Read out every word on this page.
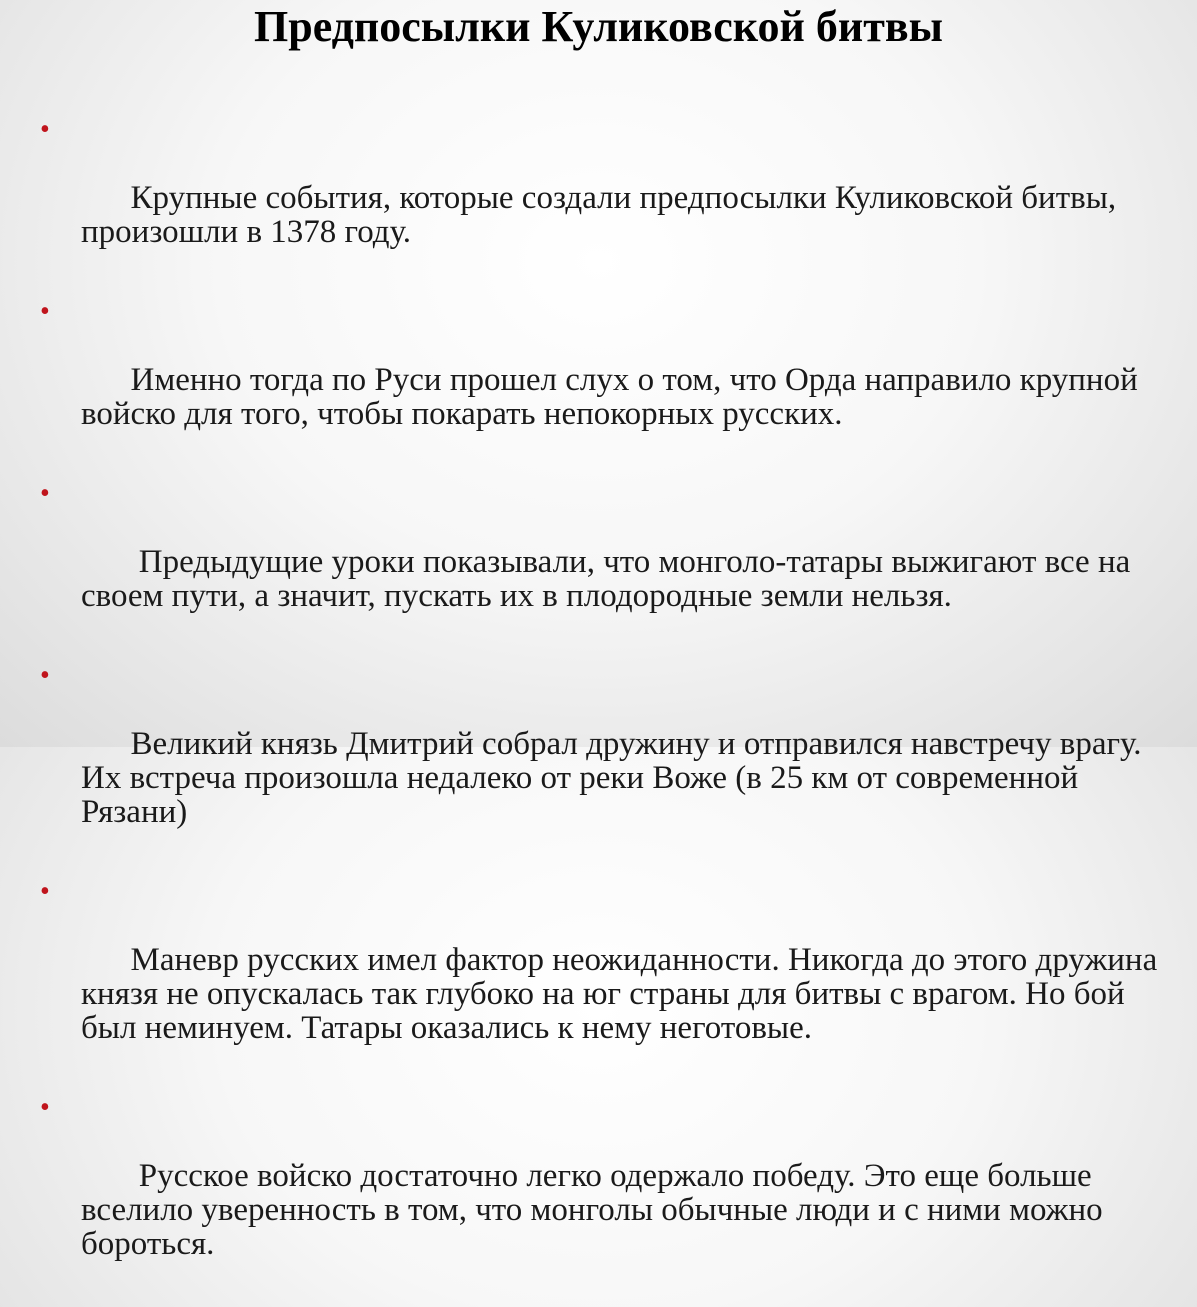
Предпосылки Куликовской битвы

•

Крупные события, которые создали предпосылки Куликовской битвы,  произошли в 1378 году.

•

Именно тогда по Руси прошел слух о том, что Орда направило крупной войско для того, чтобы покарать непокорных русских.

•

Предыдущие уроки показывали, что монголо-татары выжигают все на своем пути, а значит, пускать их в плодородные земли нельзя.

•

Великий князь Дмитрий собрал дружину и отправился навстречу врагу. Их встреча произошла недалеко от реки Воже (в 25 км от современной Рязани)

•

Маневр русских имел фактор неожиданности. Никогда до этого дружина князя не опускалась так глубоко на юг страны для битвы с врагом. Но бой был неминуем. Татары оказались к нему неготовые.

•

Русское войско достаточно легко одержало победу. Это еще больше вселило уверенность в том, что монголы обычные люди и с ними можно бороться.
